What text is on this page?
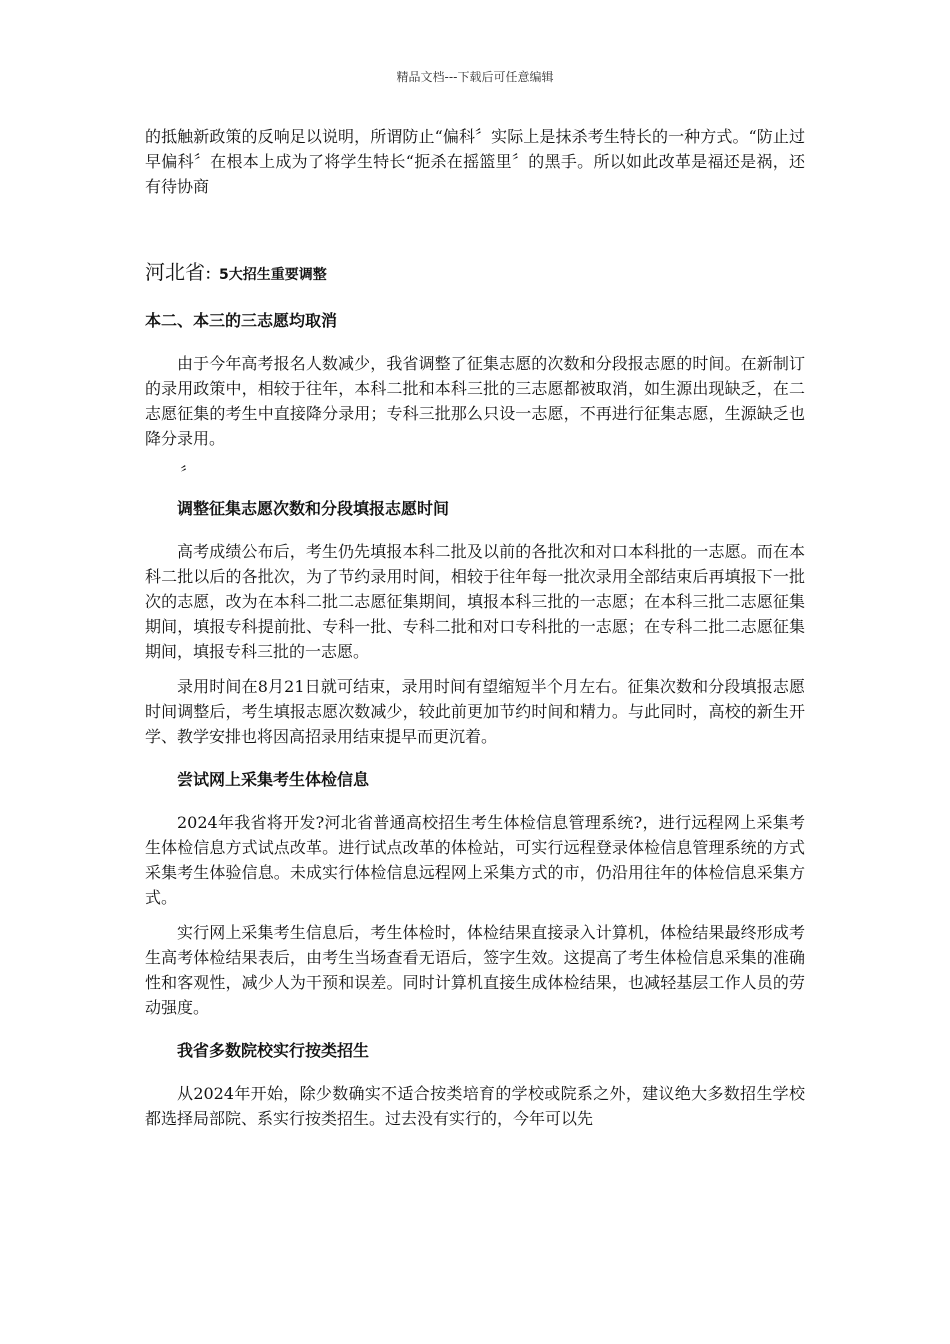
精品文档---下载后可任意编辑

的抵触新政策的反响足以说明，所谓防止“偏科〞实际上是抹杀考生特长的一种方式。“防止过早偏科〞在根本上成为了将学生特长“扼杀在摇篮里〞的黑手。所以如此改革是福还是祸，还有待协商

河北省：5大招生重要调整
本二、本三的三志愿均取消

由于今年高考报名人数减少，我省调整了征集志愿的次数和分段报志愿的时间。在新制订的录用政策中，相较于往年，本科二批和本科三批的三志愿都被取消，如生源出现缺乏，在二志愿征集的考生中直接降分录用；专科三批那么只设一志愿，不再进行征集志愿，生源缺乏也降分录用。

〞
调整征集志愿次数和分段填报志愿时间

高考成绩公布后，考生仍先填报本科二批及以前的各批次和对口本科批的一志愿。而在本科二批以后的各批次，为了节约录用时间，相较于往年每一批次录用全部结束后再填报下一批次的志愿，改为在本科二批二志愿征集期间，填报本科三批的一志愿；在本科三批二志愿征集期间，填报专科提前批、专科一批、专科二批和对口专科批的一志愿；在专科二批二志愿征集期间，填报专科三批的一志愿。

录用时间在8月21日就可结束，录用时间有望缩短半个月左右。征集次数和分段填报志愿时间调整后，考生填报志愿次数减少，较此前更加节约时间和精力。与此同时，高校的新生开学、教学安排也将因高招录用结束提早而更沉着。

尝试网上采集考生体检信息

2024年我省将开发?河北省普通高校招生考生体检信息管理系统?，进行远程网上采集考生体检信息方式试点改革。进行试点改革的体检站，可实行远程登录体检信息管理系统的方式采集考生体验信息。未成实行体检信息远程网上采集方式的市，仍沿用往年的体检信息采集方式。

实行网上采集考生信息后，考生体检时，体检结果直接录入计算机，体检结果最终形成考生高考体检结果表后，由考生当场查看无语后，签字生效。这提高了考生体检信息采集的准确性和客观性，减少人为干预和误差。同时计算机直接生成体检结果，也减轻基层工作人员的劳动强度。

我省多数院校实行按类招生

从2024年开始，除少数确实不适合按类培育的学校或院系之外，建议绝大多数招生学校都选择局部院、系实行按类招生。过去没有实行的，今年可以先
